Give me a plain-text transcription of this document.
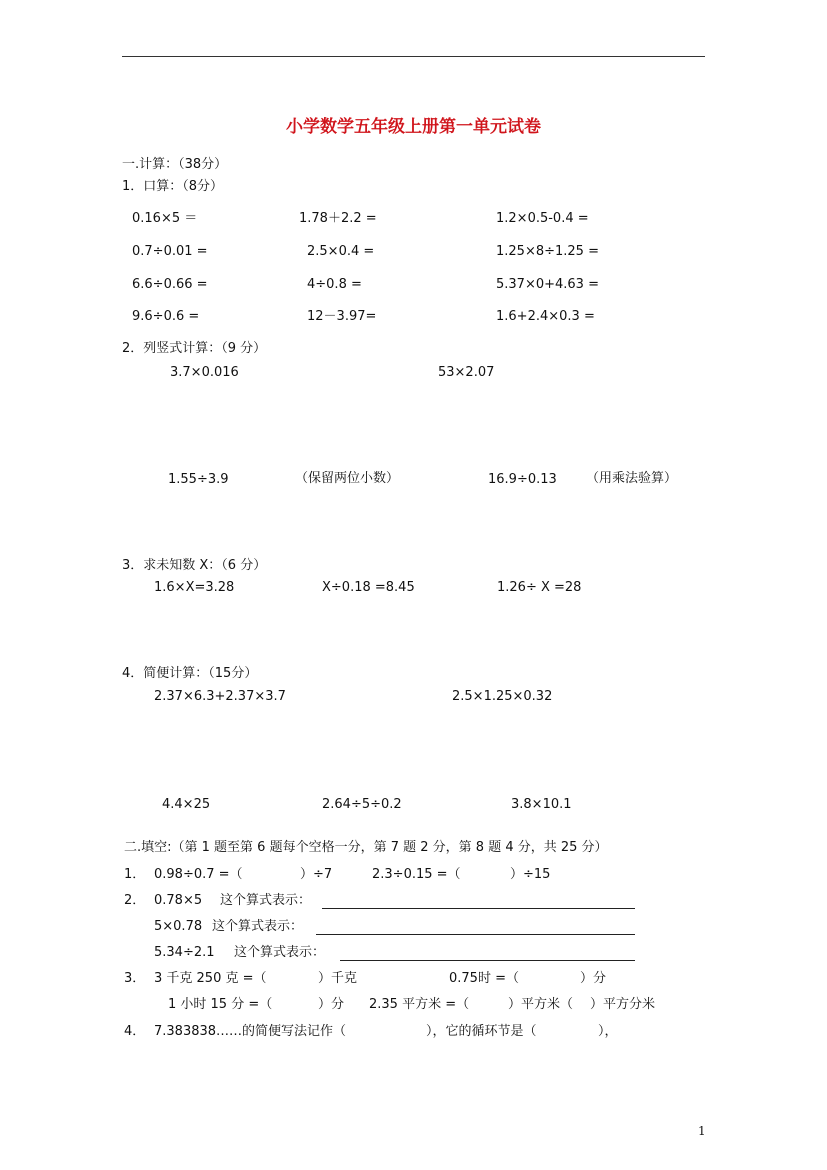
小学数学五年级上册第一单元试卷
一.计算：（38分）
1．口算：（8分）
0.16×5 ＝	1.78＋2.2 =	1.2×0.5-0.4 =
0.7÷0.01 =	2.5×0.4 =	1.25×8÷1.25 =
6.6÷0.66 =	4÷0.8 =	5.37×0+4.63 =
9.6÷0.6 =	12－3.97=	1.6+2.4×0.3 =
2．列竖式计算：（9 分）
3.7×0.016	53×2.07
1.55÷3.9	（保留两位小数）	16.9÷0.13 （用乘法验算）
3．求未知数 X：（6 分）
1.6×X=3.28	X÷0.18 =8.45	1.26÷ X =28
4．简便计算：（15分）
2.37×6.3+2.37×3.7	2.5×1.25×0.32
4.4×25	2.64÷5÷0.2	3.8×10.1
二.填空:（第 1 题至第 6 题每个空格一分，第 7 题 2 分，第 8 题 4 分，共 25 分）
1． 0.98÷0.7 =（	）÷7	2.3÷0.15 =（	）÷15
2． 0.78×5 这个算式表示：
5×0.78 这个算式表示：
5.34÷2.1 这个算式表示：
3． 3 千克 250 克 =（	）千克	0.75时 =（	）分
1 小时 15 分 =（	）分 2.35 平方米 =（	）平方米（ ）平方分米
4． 7.383838……的简便写法记作（	），它的循环节是（	），
1
